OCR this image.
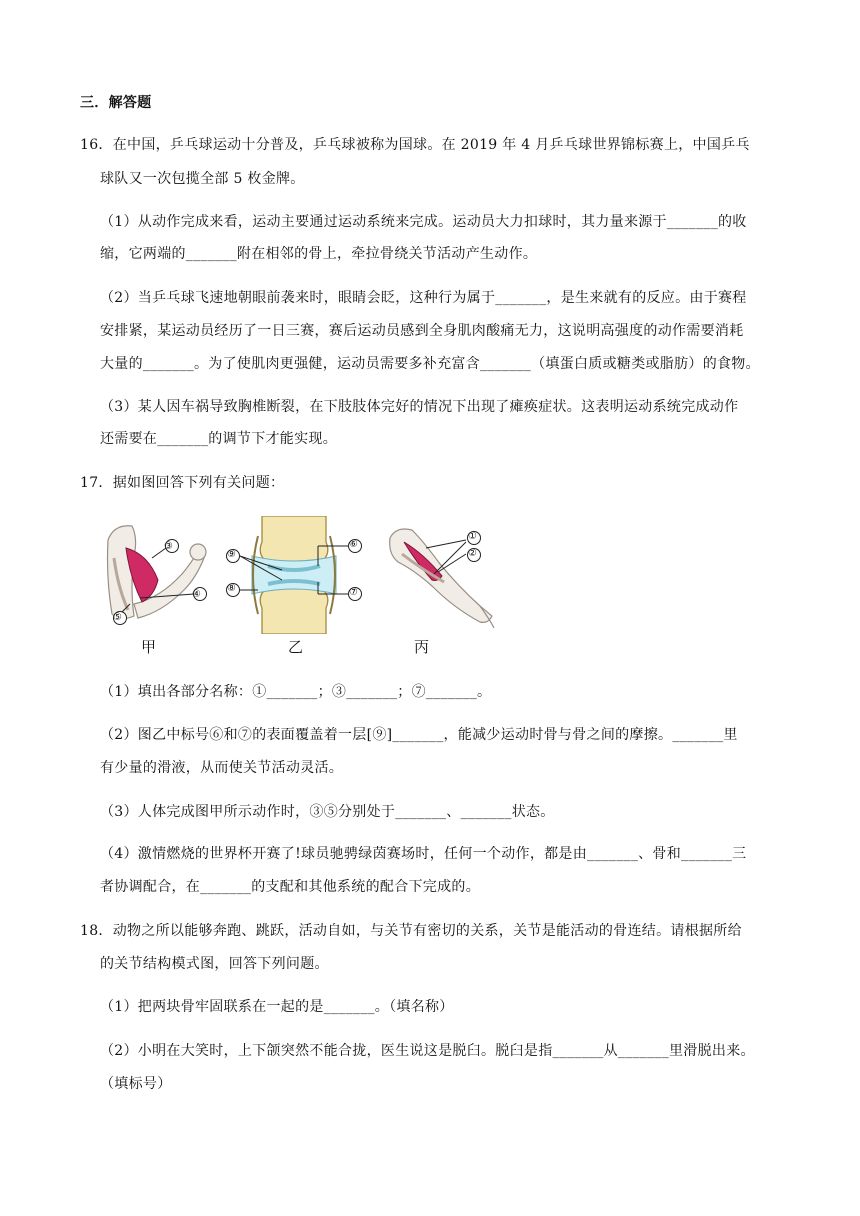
三．解答题
16．在中国，乒乓球运动十分普及，乒乓球被称为国球。在 2019 年 4 月乒乓球世界锦标赛上，中国乒乓
球队又一次包揽全部 5 枚金牌。
（1）从动作完成来看，运动主要通过运动系统来完成。运动员大力扣球时，其力量来源于_______的收
缩，它两端的_______附在相邻的骨上，牵拉骨绕关节活动产生动作。
（2）当乒乓球飞速地朝眼前袭来时，眼睛会眨，这种行为属于_______，是生来就有的反应。由于赛程
安排紧，某运动员经历了一日三赛，赛后运动员感到全身肌肉酸痛无力，这说明高强度的动作需要消耗
大量的_______。为了使肌肉更强健，运动员需要多补充富含_______（填蛋白质或糖类或脂肪）的食物。
（3）某人因车祸导致胸椎断裂，在下肢肢体完好的情况下出现了瘫痪症状。这表明运动系统完成动作
还需要在_______的调节下才能实现。
17．据如图回答下列有关问题：
③
④
⑤
甲
⑨
⑧
⑥
⑦
乙
①
②
丙
（1）填出各部分名称：①_______；③_______；⑦_______。
（2）图乙中标号⑥和⑦的表面覆盖着一层[⑨]_______，能减少运动时骨与骨之间的摩擦。_______里
有少量的滑液，从而使关节活动灵活。
（3）人体完成图甲所示动作时，③⑤分别处于_______、_______状态。
（4）激情燃烧的世界杯开赛了!球员驰骋绿茵赛场时，任何一个动作，都是由_______、骨和_______三
者协调配合，在_______的支配和其他系统的配合下完成的。
18．动物之所以能够奔跑、跳跃，活动自如，与关节有密切的关系，关节是能活动的骨连结。请根据所给
的关节结构模式图，回答下列问题。
（1）把两块骨牢固联系在一起的是_______。（填名称）
（2）小明在大笑时，上下颌突然不能合拢，医生说这是脱臼。脱臼是指_______从_______里滑脱出来。
（填标号）
